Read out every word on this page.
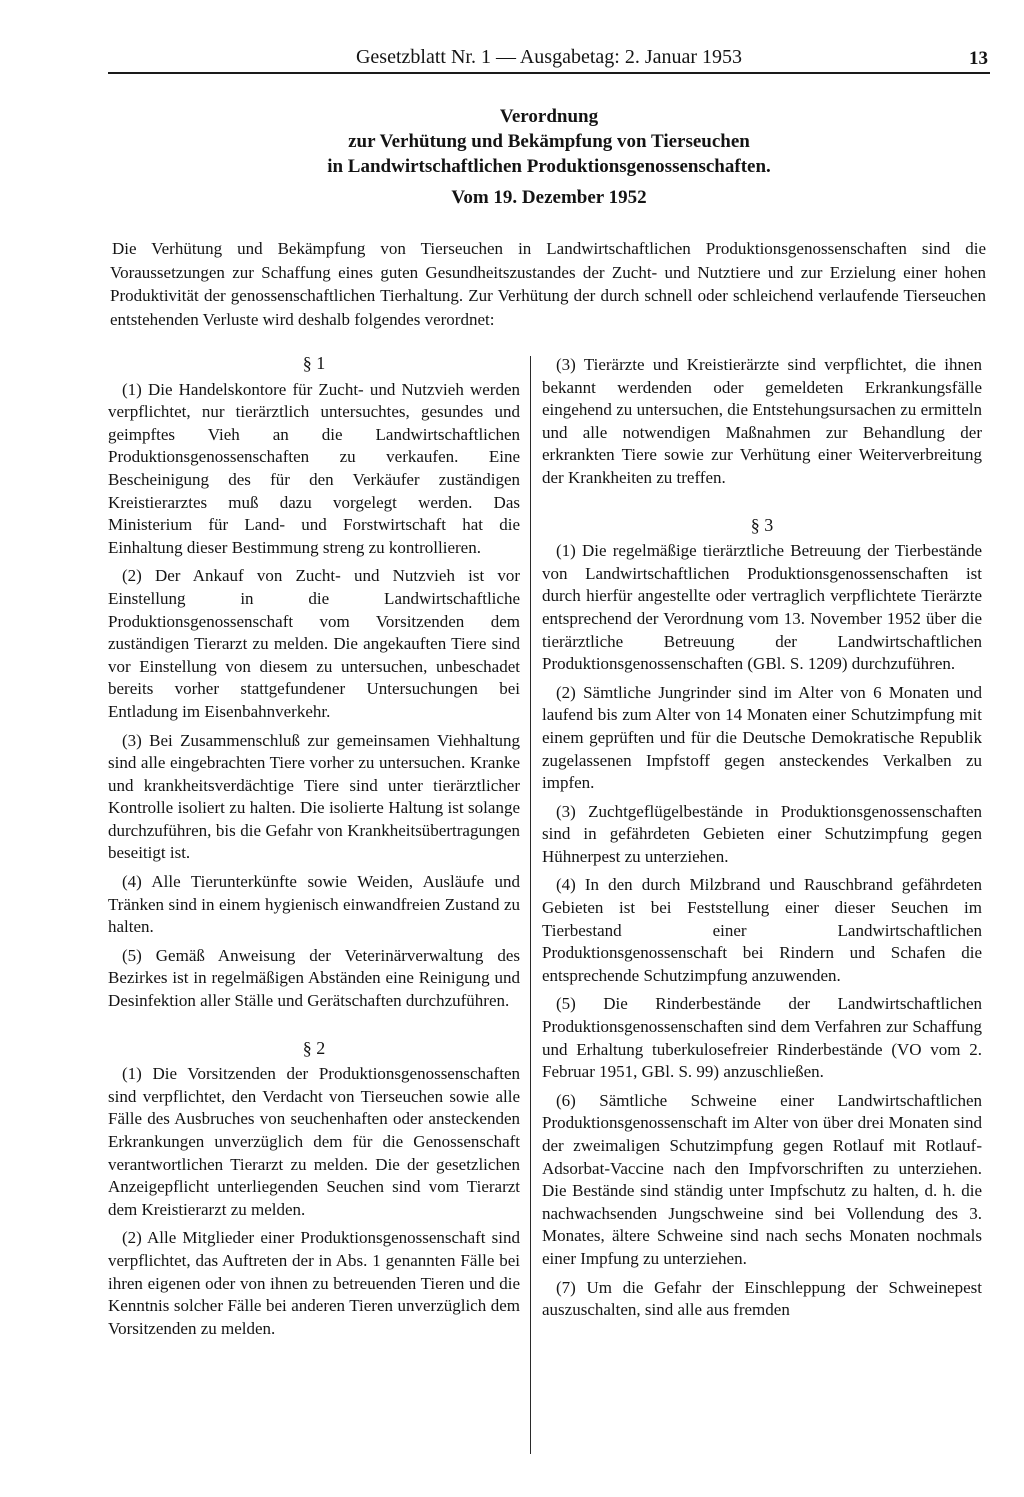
Gesetzblatt Nr. 1 — Ausgabetag: 2. Januar 1953	13
Verordnung
zur Verhütung und Bekämpfung von Tierseuchen
in Landwirtschaftlichen Produktionsgenossenschaften.
Vom 19. Dezember 1952

Die Verhütung und Bekämpfung von Tierseuchen in Landwirtschaftlichen Produktionsgenossenschaften sind die Voraussetzungen zur Schaffung eines guten Gesundheitszustandes der Zucht- und Nutztiere und zur Erzielung einer hohen Produktivität der genossenschaftlichen Tierhaltung. Zur Verhütung der durch schnell oder schleichend verlaufende Tierseuchen entstehenden Verluste wird deshalb folgendes verordnet:

§ 1

(1) Die Handelskontore für Zucht- und Nutzvieh werden verpflichtet, nur tierärztlich untersuchtes, gesundes und geimpftes Vieh an die Landwirtschaftlichen Produktionsgenossenschaften zu verkaufen. Eine Bescheinigung des für den Verkäufer zuständigen Kreistierarztes muß dazu vorgelegt werden. Das Ministerium für Land- und Forstwirtschaft hat die Einhaltung dieser Bestimmung streng zu kontrollieren.

(2) Der Ankauf von Zucht- und Nutzvieh ist vor Einstellung in die Landwirtschaftliche Produktionsgenossenschaft vom Vorsitzenden dem zuständigen Tierarzt zu melden. Die angekauften Tiere sind vor Einstellung von diesem zu untersuchen, unbeschadet bereits vorher stattgefundener Untersuchungen bei Entladung im Eisenbahnverkehr.

(3) Bei Zusammenschluß zur gemeinsamen Viehhaltung sind alle eingebrachten Tiere vorher zu untersuchen. Kranke und krankheitsverdächtige Tiere sind unter tierärztlicher Kontrolle isoliert zu halten. Die isolierte Haltung ist solange durchzuführen, bis die Gefahr von Krankheitsübertragungen beseitigt ist.

(4) Alle Tierunterkünfte sowie Weiden, Ausläufe und Tränken sind in einem hygienisch einwandfreien Zustand zu halten.

(5) Gemäß Anweisung der Veterinärverwaltung des Bezirkes ist in regelmäßigen Abständen eine Reinigung und Desinfektion aller Ställe und Gerätschaften durchzuführen.

§ 2

(1) Die Vorsitzenden der Produktionsgenossenschaften sind verpflichtet, den Verdacht von Tierseuchen sowie alle Fälle des Ausbruches von seuchenhaften oder ansteckenden Erkrankungen unverzüglich dem für die Genossenschaft verantwortlichen Tierarzt zu melden. Die der gesetzlichen Anzeigepflicht unterliegenden Seuchen sind vom Tierarzt dem Kreistierarzt zu melden.

(2) Alle Mitglieder einer Produktionsgenossenschaft sind verpflichtet, das Auftreten der in Abs. 1 genannten Fälle bei ihren eigenen oder von ihnen zu betreuenden Tieren und die Kenntnis solcher Fälle bei anderen Tieren unverzüglich dem Vorsitzenden zu melden.

(3) Tierärzte und Kreistierärzte sind verpflichtet, die ihnen bekannt werdenden oder gemeldeten Erkrankungsfälle eingehend zu untersuchen, die Entstehungsursachen zu ermitteln und alle notwendigen Maßnahmen zur Behandlung der erkrankten Tiere sowie zur Verhütung einer Weiterverbreitung der Krankheiten zu treffen.

§ 3

(1) Die regelmäßige tierärztliche Betreuung der Tierbestände von Landwirtschaftlichen Produktionsgenossenschaften ist durch hierfür angestellte oder vertraglich verpflichtete Tierärzte entsprechend der Verordnung vom 13. November 1952 über die tierärztliche Betreuung der Landwirtschaftlichen Produktionsgenossenschaften (GBl. S. 1209) durchzuführen.

(2) Sämtliche Jungrinder sind im Alter von 6 Monaten und laufend bis zum Alter von 14 Monaten einer Schutzimpfung mit einem geprüften und für die Deutsche Demokratische Republik zugelassenen Impfstoff gegen ansteckendes Verkalben zu impfen.

(3) Zuchtgeflügelbestände in Produktionsgenossenschaften sind in gefährdeten Gebieten einer Schutzimpfung gegen Hühnerpest zu unterziehen.

(4) In den durch Milzbrand und Rauschbrand gefährdeten Gebieten ist bei Feststellung einer dieser Seuchen im Tierbestand einer Landwirtschaftlichen Produktionsgenossenschaft bei Rindern und Schafen die entsprechende Schutzimpfung anzuwenden.

(5) Die Rinderbestände der Landwirtschaftlichen Produktionsgenossenschaften sind dem Verfahren zur Schaffung und Erhaltung tuberkulosefreier Rinderbestände (VO vom 2. Februar 1951, GBl. S. 99) anzuschließen.

(6) Sämtliche Schweine einer Landwirtschaftlichen Produktionsgenossenschaft im Alter von über drei Monaten sind der zweimaligen Schutzimpfung gegen Rotlauf mit Rotlauf-Adsorbat-Vaccine nach den Impfvorschriften zu unterziehen. Die Bestände sind ständig unter Impfschutz zu halten, d. h. die nachwachsenden Jungschweine sind bei Vollendung des 3. Monates, ältere Schweine sind nach sechs Monaten nochmals einer Impfung zu unterziehen.

(7) Um die Gefahr der Einschleppung der Schweinepest auszuschalten, sind alle aus fremden
